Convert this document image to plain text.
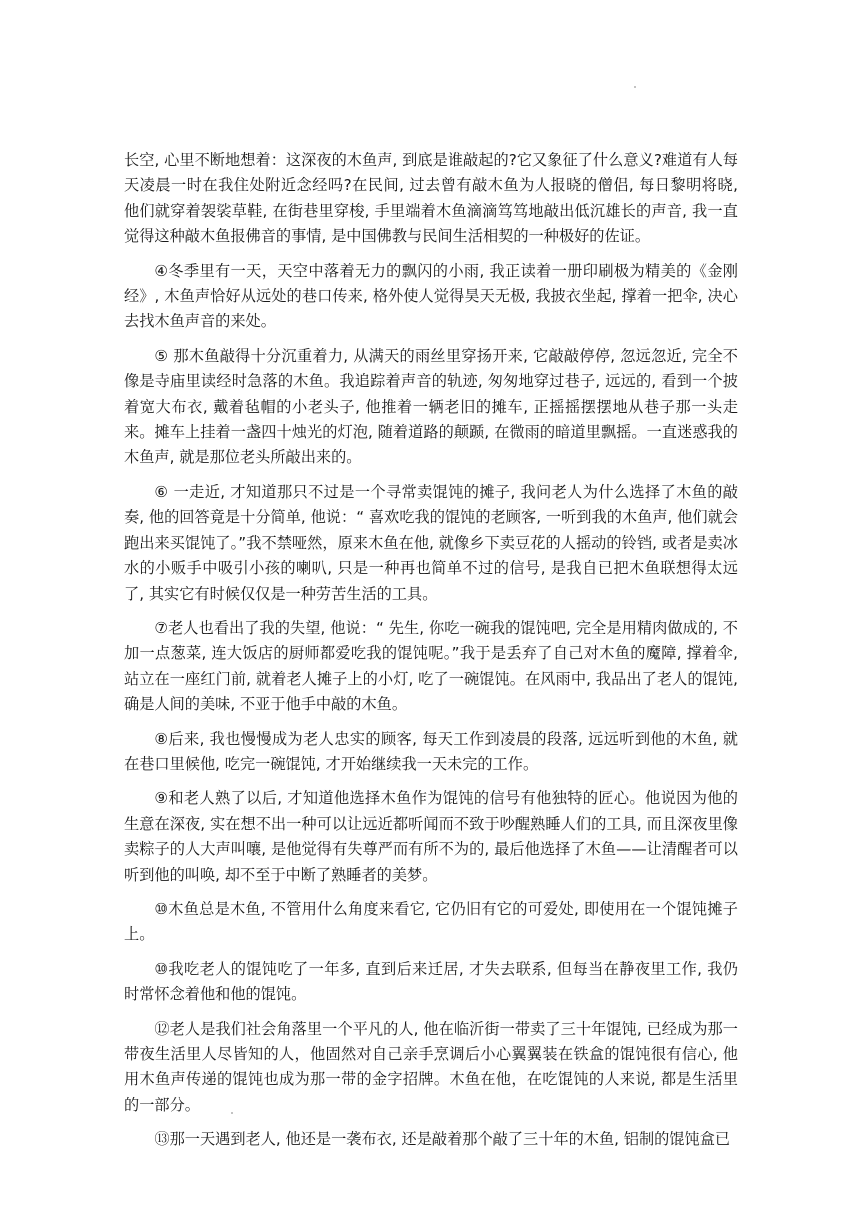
长空, 心里不断地想着：这深夜的木鱼声, 到底是谁敲起的?它又象征了什么意义?难道有人每天凌晨一时在我住处附近念经吗?在民间, 过去曾有敲木鱼为人报晓的僧侣, 每日黎明将晓, 他们就穿着袈裟草鞋, 在街巷里穿梭, 手里端着木鱼滴滴笃笃地敲出低沉雄长的声音, 我一直觉得这种敲木鱼报佛音的事情, 是中国佛教与民间生活相契的一种极好的佐证。

④冬季里有一天，天空中落着无力的飘闪的小雨, 我正读着一册印刷极为精美的《金刚经》, 木鱼声恰好从远处的巷口传来, 格外使人觉得昊天无极, 我披衣坐起, 撑着一把伞, 决心去找木鱼声音的来处。

⑤ 那木鱼敲得十分沉重着力, 从满天的雨丝里穿扬开来, 它敲敲停停, 忽远忽近, 完全不像是寺庙里读经时急落的木鱼。我追踪着声音的轨迹, 匆匆地穿过巷子, 远远的, 看到一个披着宽大布衣, 戴着毡帽的小老头子, 他推着一辆老旧的摊车, 正摇摇摆摆地从巷子那一头走来。摊车上挂着一盏四十烛光的灯泡, 随着道路的颠踬, 在微雨的暗道里飘摇。一直迷惑我的木鱼声, 就是那位老头所敲出来的。

⑥ 一走近, 才知道那只不过是一个寻常卖馄饨的摊子, 我问老人为什么选择了木鱼的敲奏, 他的回答竟是十分简单, 他说：“ 喜欢吃我的馄饨的老顾客, 一听到我的木鱼声, 他们就会跑出来买馄饨了。”我不禁哑然，原来木鱼在他, 就像乡下卖豆花的人摇动的铃铛, 或者是卖冰水的小贩手中吸引小孩的喇叭, 只是一种再也简单不过的信号, 是我自已把木鱼联想得太远了, 其实它有时候仅仅是一种劳苦生活的工具。

⑦老人也看出了我的失望, 他说：“ 先生, 你吃一碗我的馄饨吧, 完全是用精肉做成的, 不加一点葱菜, 连大饭店的厨师都爱吃我的馄饨呢。”我于是丢弃了自己对木鱼的魔障, 撑着伞, 站立在一座红门前, 就着老人摊子上的小灯, 吃了一碗馄饨。在风雨中, 我品出了老人的馄饨, 确是人间的美味, 不亚于他手中敲的木鱼。

⑧后来, 我也慢慢成为老人忠实的顾客, 每天工作到凌晨的段落, 远远听到他的木鱼, 就在巷口里候他, 吃完一碗馄饨, 才开始继续我一天未完的工作。

⑨和老人熟了以后, 才知道他选择木鱼作为馄饨的信号有他独特的匠心。他说因为他的生意在深夜, 实在想不出一种可以让远近都听闻而不致于吵醒熟睡人们的工具, 而且深夜里像卖粽子的人大声叫嚷, 是他觉得有失尊严而有所不为的, 最后他选择了木鱼——让清醒者可以听到他的叫唤, 却不至于中断了熟睡者的美梦。

⑩木鱼总是木鱼, 不管用什么角度来看它, 它仍旧有它的可爱处, 即使用在一个馄饨摊子上。

⑩我吃老人的馄饨吃了一年多, 直到后来迁居, 才失去联系, 但每当在静夜里工作, 我仍时常怀念着他和他的馄饨。

⑫老人是我们社会角落里一个平凡的人, 他在临沂街一带卖了三十年馄饨, 已经成为那一带夜生活里人尽皆知的人，他固然对自己亲手烹调后小心翼翼装在铁盒的馄饨很有信心, 他用木鱼声传递的馄饨也成为那一带的金字招牌。木鱼在他，在吃馄饨的人来说, 都是生活里的一部分。

⑬那一天遇到老人, 他还是一袭布衣, 还是敲着那个敲了三十年的木鱼, 铝制的馄饨盒已
